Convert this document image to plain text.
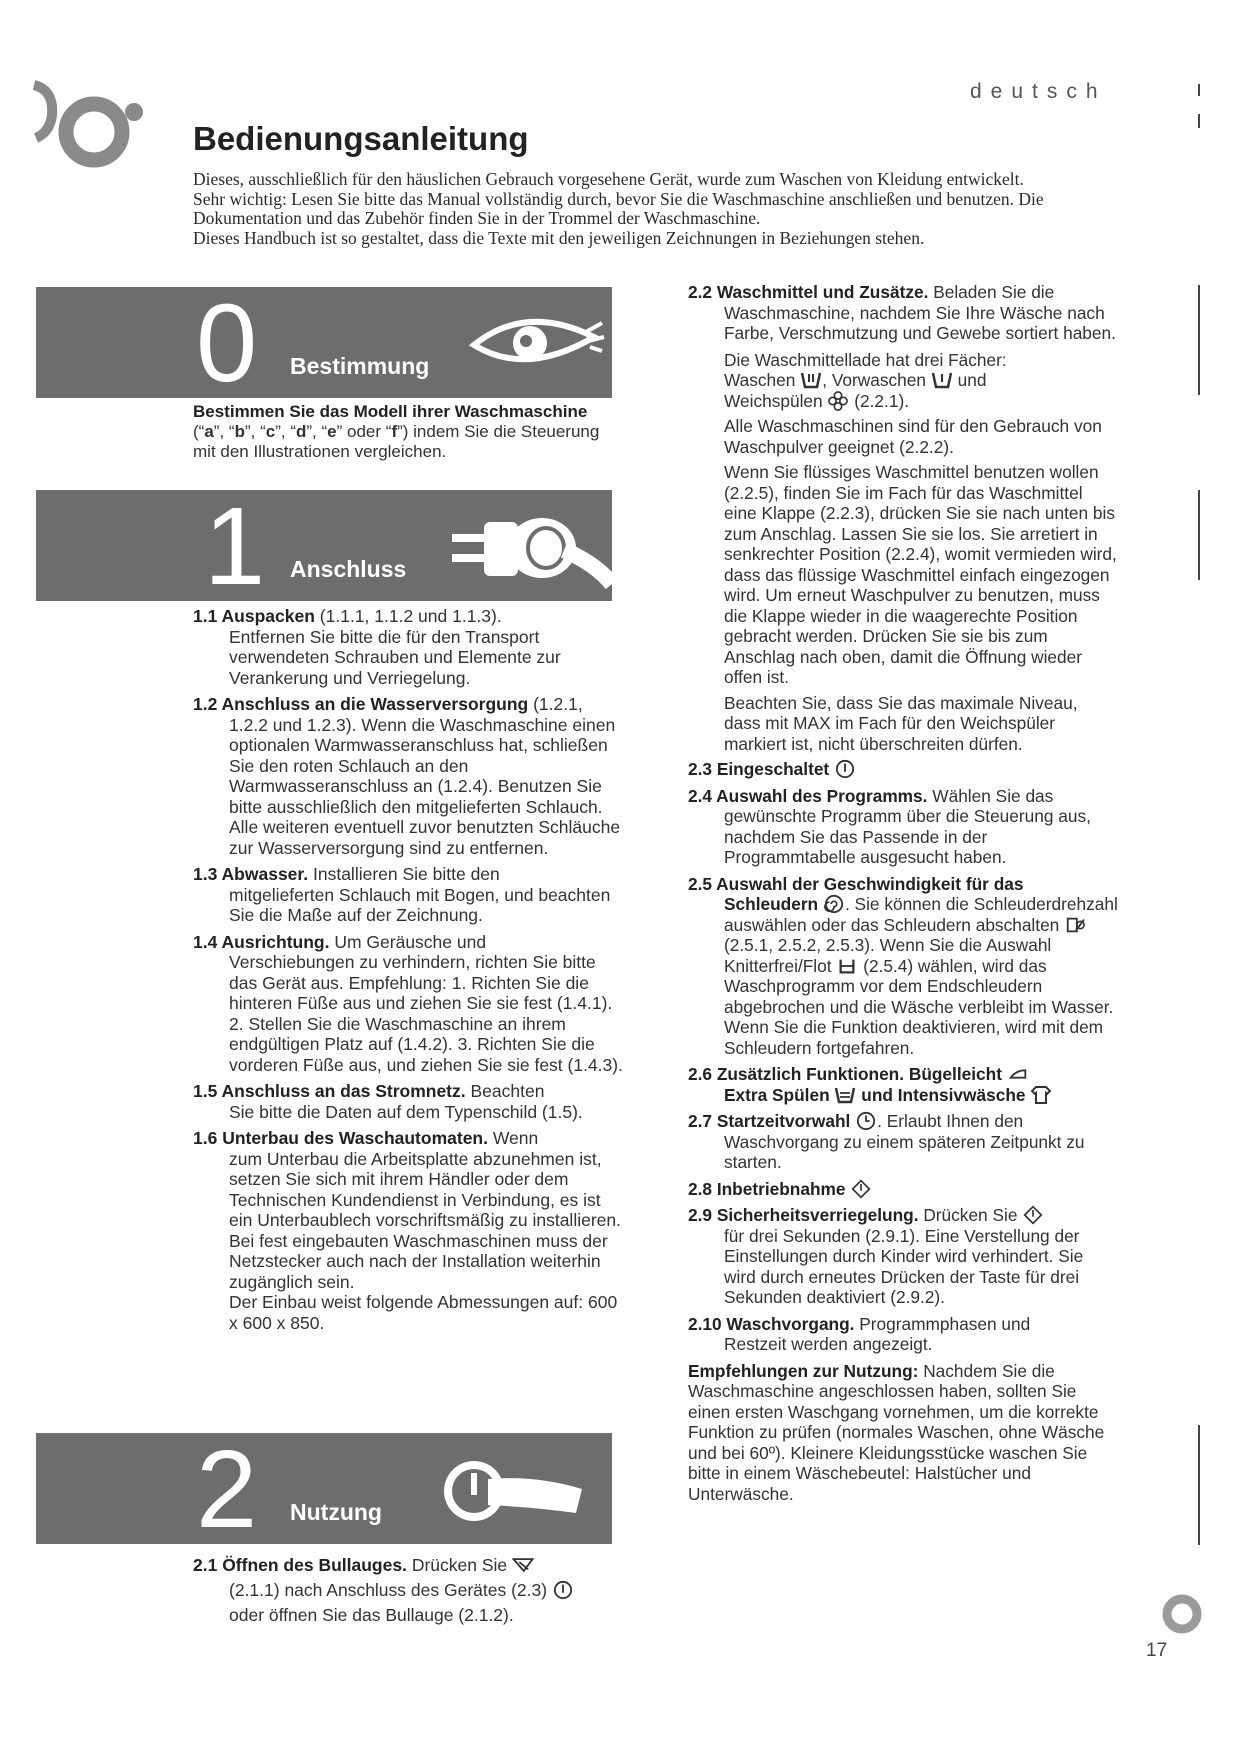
deutsch
Bedienungsanleitung

Dieses, ausschließlich für den häuslichen Gebrauch vorgesehene Gerät, wurde zum Waschen von Kleidung entwickelt.

Sehr wichtig: Lesen Sie bitte das Manual vollständig durch, bevor Sie die Waschmaschine anschließen und benutzen. Die Dokumentation und das Zubehör finden Sie in der Trommel der Waschmaschine.

Dieses Handbuch ist so gestaltet, dass die Texte mit den jeweiligen Zeichnungen in Beziehungen stehen.

0 Bestimmung
Bestimmen Sie das Modell ihrer Waschmaschine
(“a”, “b”, “c”, “d”, “e” oder “f”) indem Sie die Steuerung mit den Illustrationen vergleichen.
1 Anschluss
1.1 Auspacken (1.1.1, 1.1.2 und 1.1.3).
Entfernen Sie bitte die für den Transport verwendeten Schrauben und Elemente zur Verankerung und Verriegelung.
1.2 Anschluss an die Wasserversorgung (1.2.1,
1.2.2 und 1.2.3). Wenn die Waschmaschine einen optionalen Warmwasseranschluss hat, schließen Sie den roten Schlauch an den Warmwasseranschluss an (1.2.4). Benutzen Sie bitte ausschließlich den mitgelieferten Schlauch. Alle weiteren eventuell zuvor benutzten Schläuche zur Wasserversorgung sind zu entfernen.
1.3 Abwasser. Installieren Sie bitte den
mitgelieferten Schlauch mit Bogen, und beachten Sie die Maße auf der Zeichnung.
1.4 Ausrichtung. Um Geräusche und
Verschiebungen zu verhindern, richten Sie bitte das Gerät aus. Empfehlung: 1. Richten Sie die hinteren Füße aus und ziehen Sie sie fest (1.4.1). 2. Stellen Sie die Waschmaschine an ihrem endgültigen Platz auf (1.4.2). 3. Richten Sie die vorderen Füße aus, und ziehen Sie sie fest (1.4.3).
1.5 Anschluss an das Stromnetz. Beachten
Sie bitte die Daten auf dem Typenschild (1.5).
1.6 Unterbau des Waschautomaten. Wenn
zum Unterbau die Arbeitsplatte abzunehmen ist, setzen Sie sich mit ihrem Händler oder dem Technischen Kundendienst in Verbindung, es ist ein Unterbaublech vorschriftsmäßig zu installieren.
Bei fest eingebauten Waschmaschinen muss der Netzstecker auch nach der Installation weiterhin zugänglich sein.
Der Einbau weist folgende Abmessungen auf: 600 x 600 x 850.
2 Nutzung
2.1 Öffnen des Bullauges. Drücken Sie
(2.1.1) nach Anschluss des Gerätes (2.3)
oder öffnen Sie das Bullauge (2.1.2).
2.2 Waschmittel und Zusätze. Beladen Sie die
Waschmaschine, nachdem Sie Ihre Wäsche nach Farbe, Verschmutzung und Gewebe sortiert haben.
Die Waschmittellade hat drei Fächer:
Waschen , Vorwaschen und
Weichspülen (2.2.1).
Alle Waschmaschinen sind für den Gebrauch von Waschpulver geeignet (2.2.2).
Wenn Sie flüssiges Waschmittel benutzen wollen (2.2.5), finden Sie im Fach für das Waschmittel eine Klappe (2.2.3), drücken Sie sie nach unten bis zum Anschlag. Lassen Sie sie los. Sie arretiert in senkrechter Position (2.2.4), womit vermieden wird, dass das flüssige Waschmittel einfach eingezogen wird. Um erneut Waschpulver zu benutzen, muss die Klappe wieder in die waagerechte Position gebracht werden. Drücken Sie sie bis zum Anschlag nach oben, damit die Öffnung wieder offen ist.
Beachten Sie, dass Sie das maximale Niveau, dass mit MAX im Fach für den Weichspüler markiert ist, nicht überschreiten dürfen.
2.3 Eingeschaltet
2.4 Auswahl des Programms. Wählen Sie das
gewünschte Programm über die Steuerung aus, nachdem Sie das Passende in der Programmtabelle ausgesucht haben.
2.5 Auswahl der Geschwindigkeit für das
Schleudern . Sie können die Schleuderdrehzahl auswählen oder das Schleudern abschalten  (2.5.1, 2.5.2, 2.5.3). Wenn Sie die Auswahl Knitterfrei/Flot (2.5.4) wählen, wird das Waschprogramm vor dem Endschleudern abgebrochen und die Wäsche verbleibt im Wasser. Wenn Sie die Funktion deaktivieren, wird mit dem Schleudern fortgefahren.
2.6 Zusätzlich Funktionen. Bügelleicht
Extra Spülen und Intensivwäsche
2.7 Startzeitvorwahl . Erlaubt Ihnen den
Waschvorgang zu einem späteren Zeitpunkt zu starten.
2.8 Inbetriebnahme
2.9 Sicherheitsverriegelung. Drücken Sie
für drei Sekunden (2.9.1). Eine Verstellung der Einstellungen durch Kinder wird verhindert. Sie wird durch erneutes Drücken der Taste für drei Sekunden deaktiviert (2.9.2).
2.10 Waschvorgang. Programmphasen und
Restzeit werden angezeigt.
Empfehlungen zur Nutzung: Nachdem Sie die Waschmaschine angeschlossen haben, sollten Sie einen ersten Waschgang vornehmen, um die korrekte Funktion zu prüfen (normales Waschen, ohne Wäsche und bei 60º). Kleinere Kleidungsstücke waschen Sie bitte in einem Wäschebeutel: Halstücher und Unterwäsche.
17
